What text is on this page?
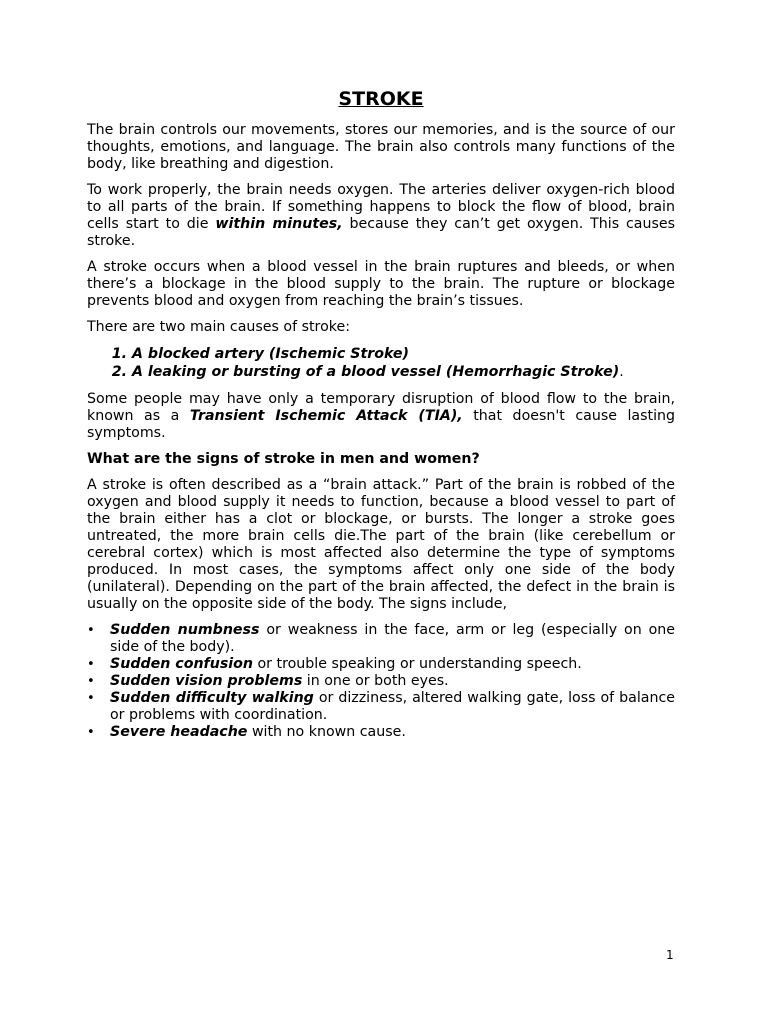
STROKE

The brain controls our movements, stores our memories, and is the source of our thoughts, emotions, and language. The brain also controls many functions of the body, like breathing and digestion.

To work properly, the brain needs oxygen. The arteries deliver oxygen-rich blood to all parts of the brain. If something happens to block the flow of blood, brain cells start to die within minutes, because they can’t get oxygen. This causes stroke.

A stroke occurs when a blood vessel in the brain ruptures and bleeds, or when there’s a blockage in the blood supply to the brain. The rupture or blockage prevents blood and oxygen from reaching the brain’s tissues.

There are two main causes of stroke:

1. A blocked artery (Ischemic Stroke)
2. A leaking or bursting of a blood vessel (Hemorrhagic Stroke).

Some people may have only a temporary disruption of blood flow to the brain, known as a Transient Ischemic Attack (TIA), that doesn't cause lasting symptoms.

What are the signs of stroke in men and women?

A stroke is often described as a “brain attack.” Part of the brain is robbed of the oxygen and blood supply it needs to function, because a blood vessel to part of the brain either has a clot or blockage, or bursts. The longer a stroke goes untreated, the more brain cells die.The part of the brain (like cerebellum or cerebral cortex) which is most affected also determine the type of symptoms produced. In most cases, the symptoms affect only one side of the body (unilateral). Depending on the part of the brain affected, the defect in the brain is usually on the opposite side of the body. The signs include,

• Sudden numbness or weakness in the face, arm or leg (especially on one side of the body).
• Sudden confusion or trouble speaking or understanding speech.
• Sudden vision problems in one or both eyes.
• Sudden difficulty walking or dizziness, altered walking gate, loss of balance or problems with coordination.
• Severe headache with no known cause.
1
